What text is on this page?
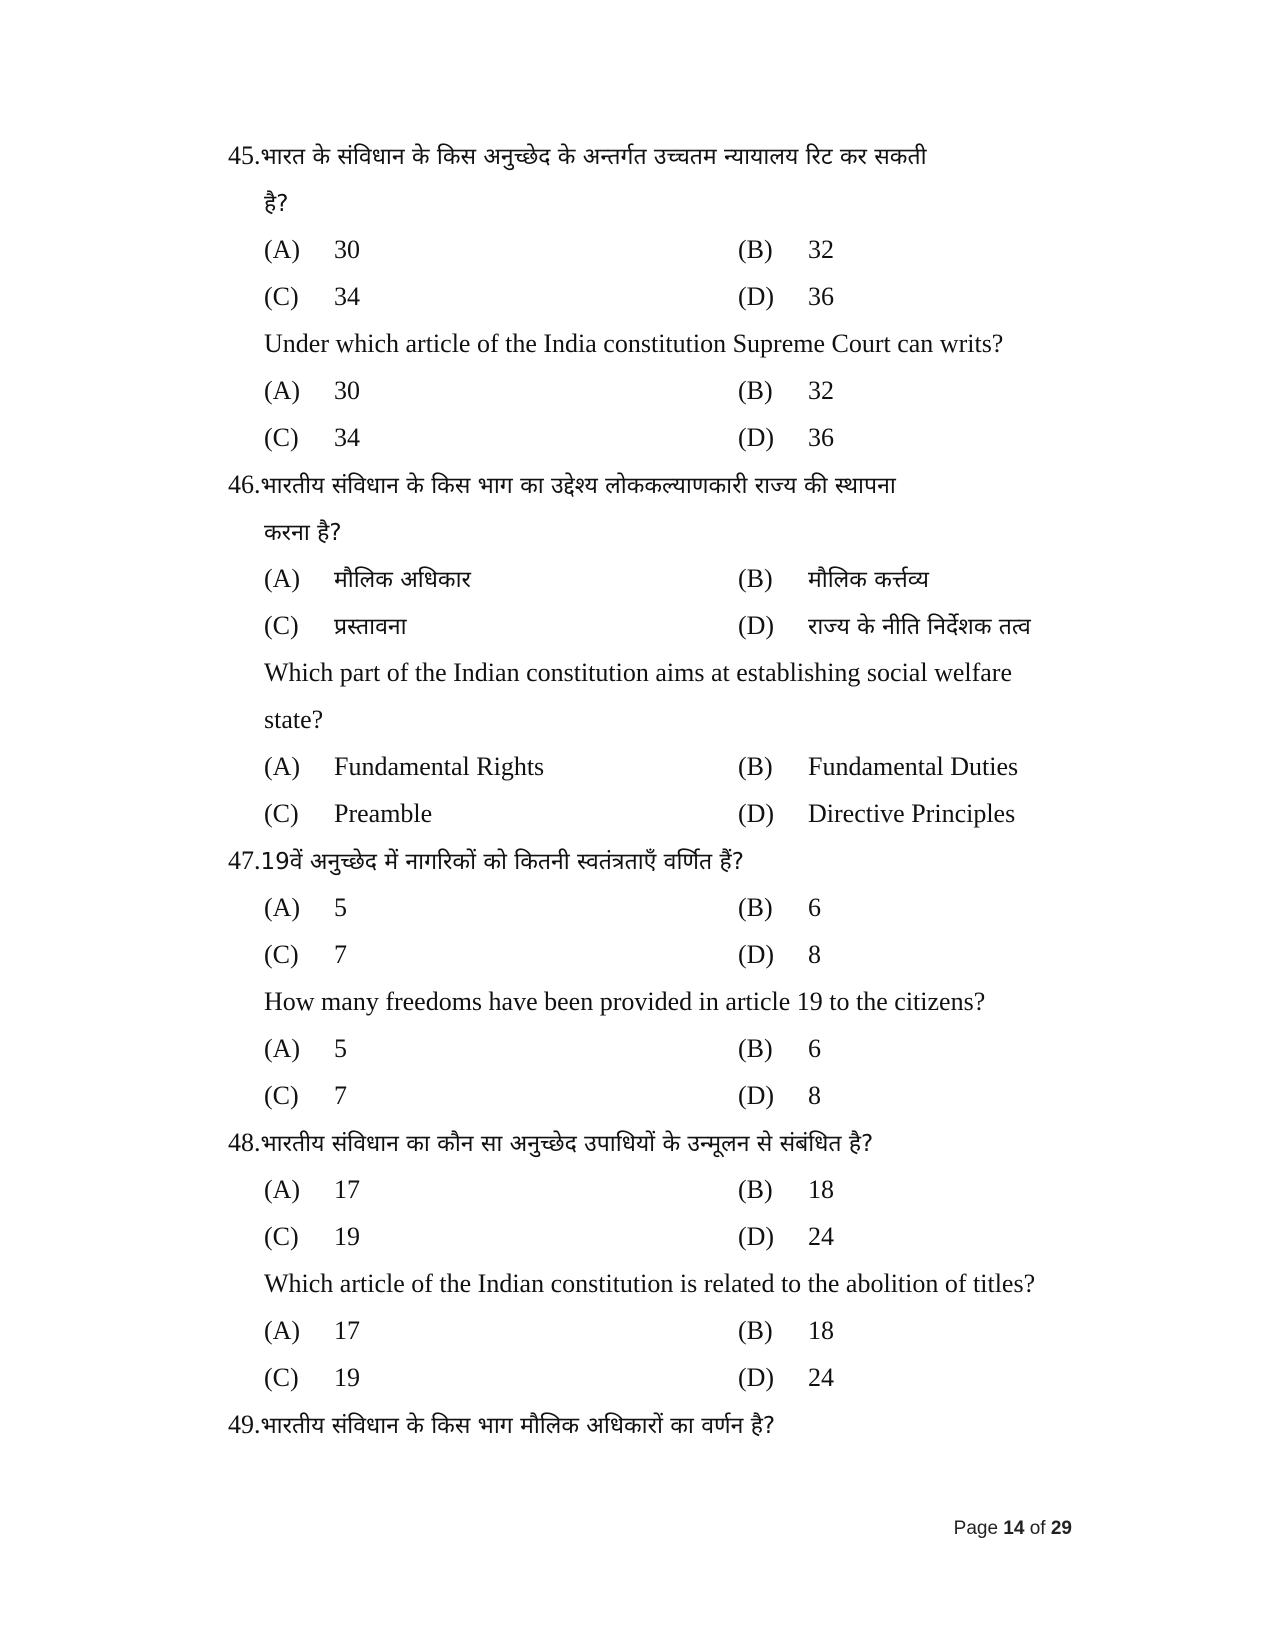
45.भारत के संविधान के किस अनुच्छेद के अन्तर्गत उच्चतम न्यायालय रिट कर सकती
है?
(A) 30	(B) 32
(C) 34	(D) 36
Under which article of the India constitution Supreme Court can writs?
(A) 30	(B) 32
(C) 34	(D) 36
46.भारतीय संविधान के किस भाग का उद्देश्य लोककल्याणकारी राज्य की स्थापना
करना है?
(A) मौलिक अधिकार	(B) मौलिक कर्त्तव्य
(C) प्रस्तावना	(D) राज्य के नीति निर्देशक तत्व
Which part of the Indian constitution aims at establishing social welfare
state?
(A) Fundamental Rights	(B) Fundamental Duties
(C) Preamble	(D) Directive Principles
47.19वें अनुच्छेद में नागरिकों को कितनी स्वतंत्रताएँ वर्णित हैं?
(A) 5	(B) 6
(C) 7	(D) 8
How many freedoms have been provided in article 19 to the citizens?
(A) 5	(B) 6
(C) 7	(D) 8
48.भारतीय संविधान का कौन सा अनुच्छेद उपाधियों के उन्मूलन से संबंधित है?
(A) 17	(B) 18
(C) 19	(D) 24
Which article of the Indian constitution is related to the abolition of titles?
(A) 17	(B) 18
(C) 19	(D) 24
49.भारतीय संविधान के किस भाग मौलिक अधिकारों का वर्णन है?
Page 14 of 29
